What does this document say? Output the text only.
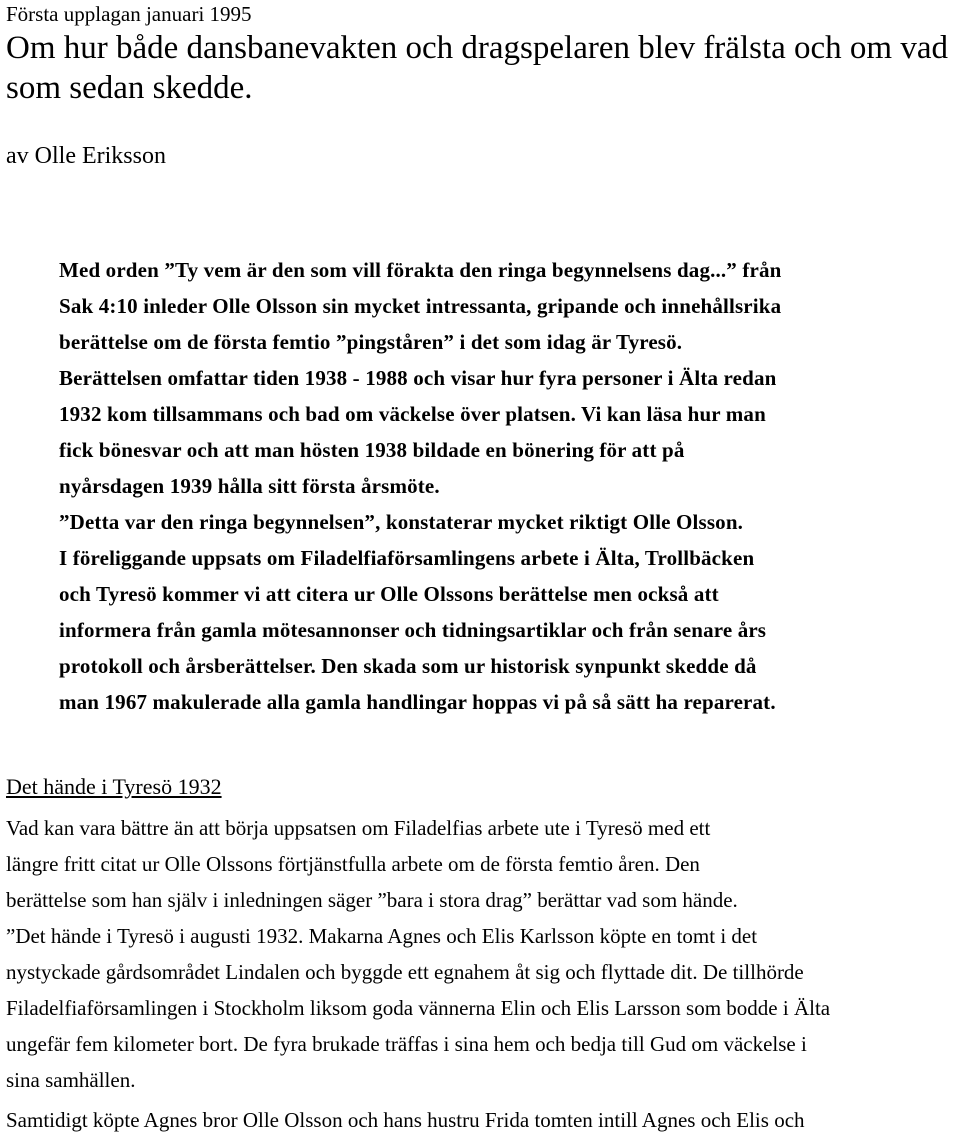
Första upplagan januari 1995
Om hur både dansbanevakten och dragspelaren blev frälsta och om vad som sedan skedde.
av Olle Eriksson
Med orden ”Ty vem är den som vill förakta den ringa begynnelsens dag...” från
Sak 4:10 inleder Olle Olsson sin mycket intressanta, gripande och innehållsrika
berättelse om de första femtio ”pingståren” i det som idag är Tyresö.
Berättelsen omfattar tiden 1938 - 1988 och visar hur fyra personer i Älta redan
1932 kom tillsammans och bad om väckelse över platsen. Vi kan läsa hur man
fick bönesvar och att man hösten 1938 bildade en bönering för att på
nyårsdagen 1939 hålla sitt första årsmöte.
”Detta var den ringa begynnelsen”, konstaterar mycket riktigt Olle Olsson.
I föreliggande uppsats om Filadelfiaförsamlingens arbete i Älta, Trollbäcken
och Tyresö kommer vi att citera ur Olle Olssons berättelse men också att
informera från gamla mötesannonser och tidningsartiklar och från senare års
protokoll och årsberättelser. Den skada som ur historisk synpunkt skedde då
man 1967 makulerade alla gamla handlingar hoppas vi på så sätt ha reparerat.
Det hände i Tyresö 1932
Vad kan vara bättre än att börja uppsatsen om Filadelfias arbete ute i Tyresö med ett
längre fritt citat ur Olle Olssons förtjänstfulla arbete om de första femtio åren. Den
berättelse som han själv i inledningen säger ”bara i stora drag” berättar vad som hände.
”Det hände i Tyresö i augusti 1932. Makarna Agnes och Elis Karlsson köpte en tomt i det
nystyckade gårdsområdet Lindalen och byggde ett egnahem åt sig och flyttade dit. De tillhörde
Filadelfiaförsamlingen i Stockholm liksom goda vännerna Elin och Elis Larsson som bodde i Älta
ungefär fem kilometer bort. De fyra brukade träffas i sina hem och bedja till Gud om väckelse i
sina samhällen.
Samtidigt köpte Agnes bror Olle Olsson och hans hustru Frida tomten intill Agnes och Elis och
